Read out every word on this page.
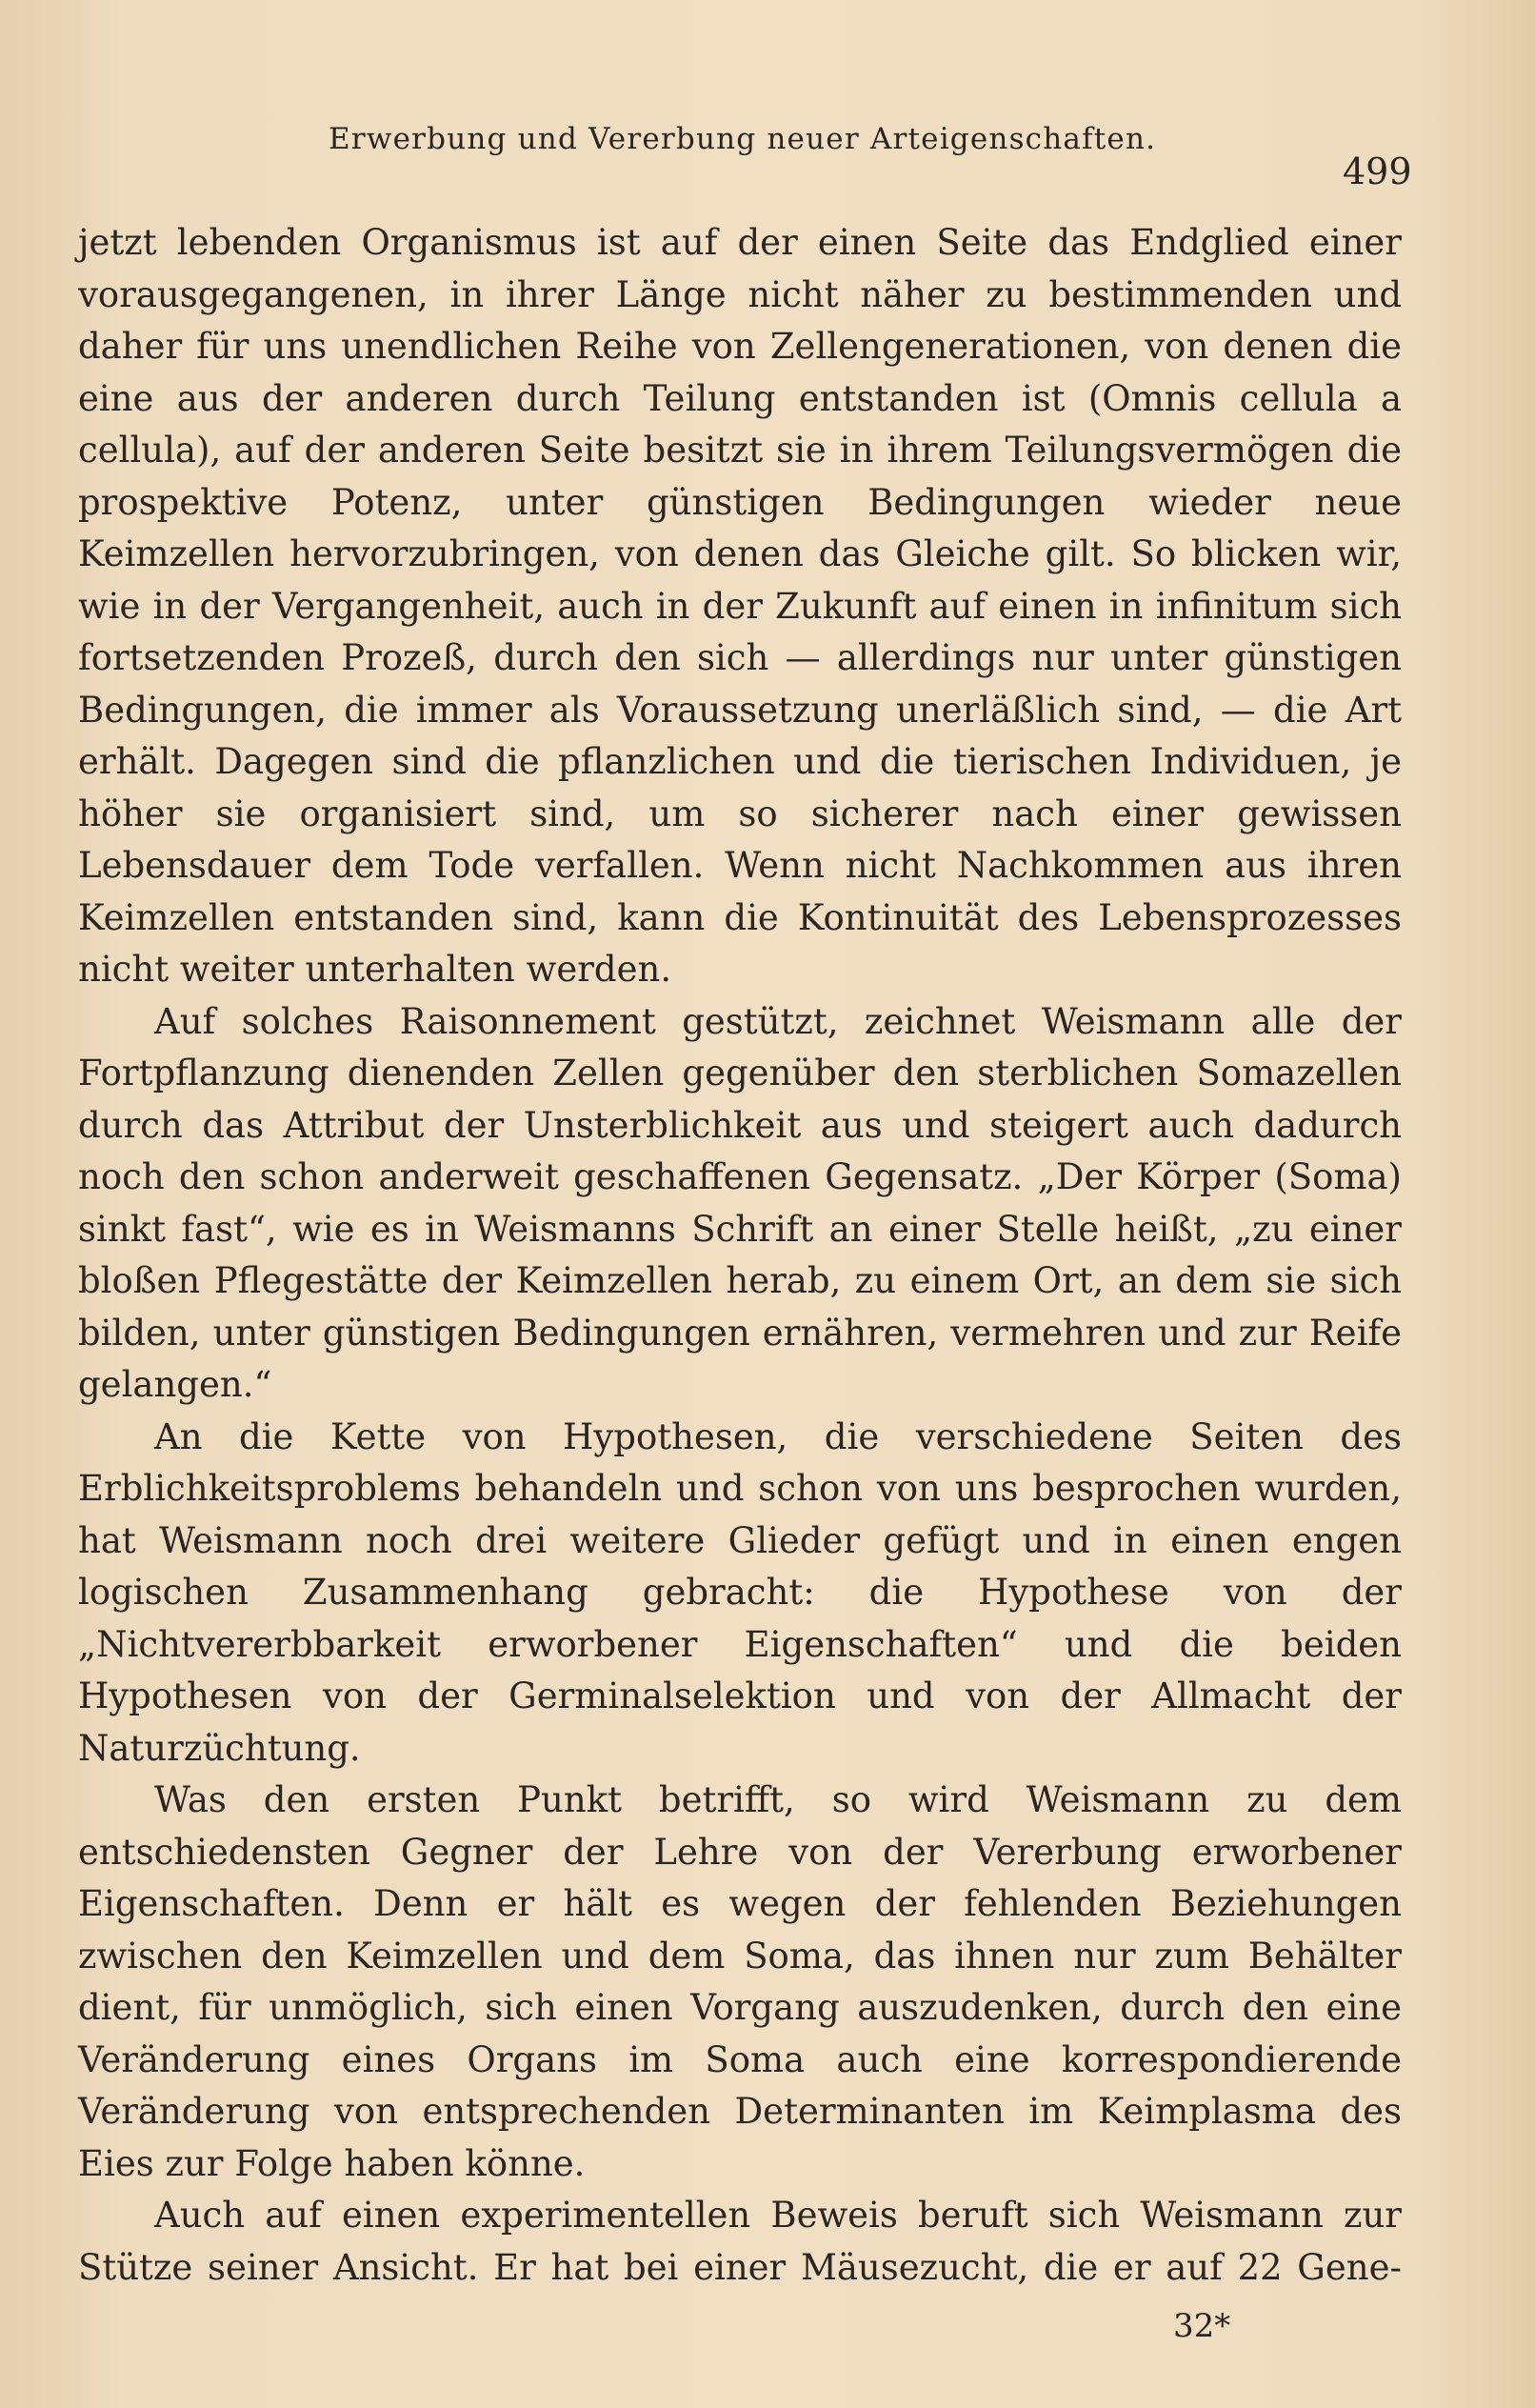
Erwerbung und Vererbung neuer Arteigenschaften.
499

jetzt lebenden Organismus ist auf der einen Seite das Endglied einer vorausgegangenen, in ihrer Länge nicht näher zu bestimmenden und daher für uns unendlichen Reihe von Zellengenerationen, von denen die eine aus der anderen durch Teilung entstanden ist (Omnis cellula a cellula), auf der anderen Seite besitzt sie in ihrem Teilungsvermögen die prospektive Potenz, unter günstigen Bedingungen wieder neue Keimzellen hervorzubringen, von denen das Gleiche gilt. So blicken wir, wie in der Vergangenheit, auch in der Zukunft auf einen in infinitum sich fortsetzenden Prozeß, durch den sich — allerdings nur unter günstigen Bedingungen, die immer als Voraussetzung unerläßlich sind, — die Art erhält. Dagegen sind die pflanzlichen und die tierischen Individuen, je höher sie organisiert sind, um so sicherer nach einer gewissen Lebensdauer dem Tode verfallen. Wenn nicht Nachkommen aus ihren Keimzellen entstanden sind, kann die Kontinuität des Lebensprozesses nicht weiter unterhalten werden.

Auf solches Raisonnement gestützt, zeichnet Weismann alle der Fortpflanzung dienenden Zellen gegenüber den sterblichen Somazellen durch das Attribut der Unsterblichkeit aus und steigert auch dadurch noch den schon anderweit geschaffenen Gegensatz. „Der Körper (Soma) sinkt fast“, wie es in Weismanns Schrift an einer Stelle heißt, „zu einer bloßen Pflegestätte der Keimzellen herab, zu einem Ort, an dem sie sich bilden, unter günstigen Bedingungen ernähren, vermehren und zur Reife gelangen.“

An die Kette von Hypothesen, die verschiedene Seiten des Erblichkeitsproblems behandeln und schon von uns besprochen wurden, hat Weismann noch drei weitere Glieder gefügt und in einen engen logischen Zusammenhang gebracht: die Hypothese von der „Nichtvererbbarkeit erworbener Eigenschaften“ und die beiden Hypothesen von der Germinalselektion und von der Allmacht der Naturzüchtung.

Was den ersten Punkt betrifft, so wird Weismann zu dem entschiedensten Gegner der Lehre von der Vererbung erworbener Eigenschaften. Denn er hält es wegen der fehlenden Beziehungen zwischen den Keimzellen und dem Soma, das ihnen nur zum Behälter dient, für unmöglich, sich einen Vorgang auszudenken, durch den eine Veränderung eines Organs im Soma auch eine korrespondierende Veränderung von entsprechenden Determinanten im Keimplasma des Eies zur Folge haben könne.

Auch auf einen experimentellen Beweis beruft sich Weismann zur Stütze seiner Ansicht. Er hat bei einer Mäusezucht, die er auf 22 Gene-

32*
